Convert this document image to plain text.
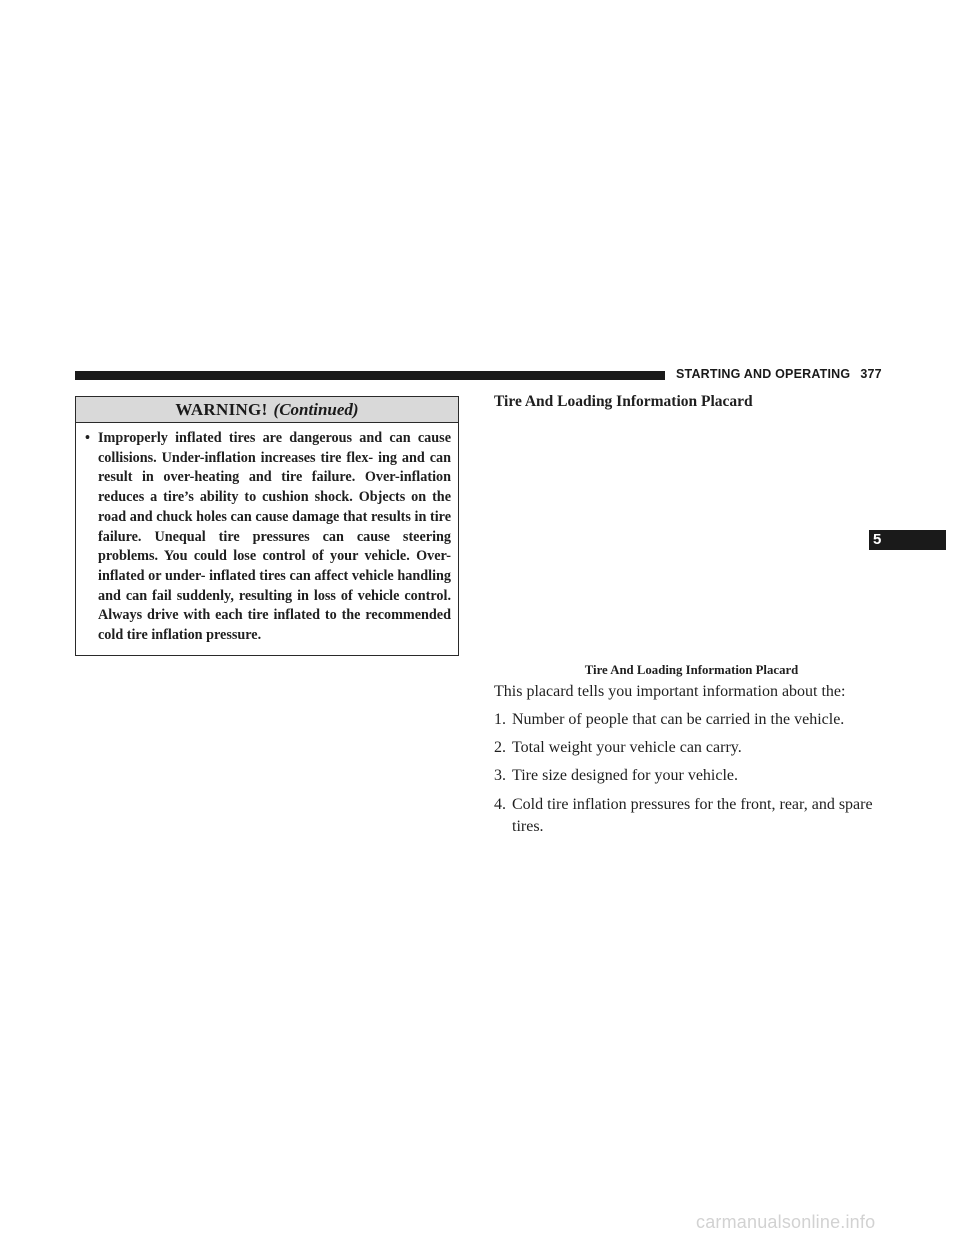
STARTING AND OPERATING 377
WARNING! (Continued)
• Improperly inflated tires are dangerous and can cause collisions. Under-inflation increases tire flex- ing and can result in over-heating and tire failure. Over-inflation reduces a tire’s ability to cushion shock. Objects on the road and chuck holes can cause damage that results in tire failure. Unequal tire pressures can cause steering problems. You could lose control of your vehicle. Over-inflated or under- inflated tires can affect vehicle handling and can fail suddenly, resulting in loss of vehicle control. Always drive with each tire inflated to the recommended cold tire inflation pressure.
Tire And Loading Information Placard
Tire And Loading Information Placard
This placard tells you important information about the:
1. Number of people that can be carried in the vehicle.
2. Total weight your vehicle can carry.
3. Tire size designed for your vehicle.
4. Cold tire inflation pressures for the front, rear, and spare
tires.
5
carmanualsonline.info
